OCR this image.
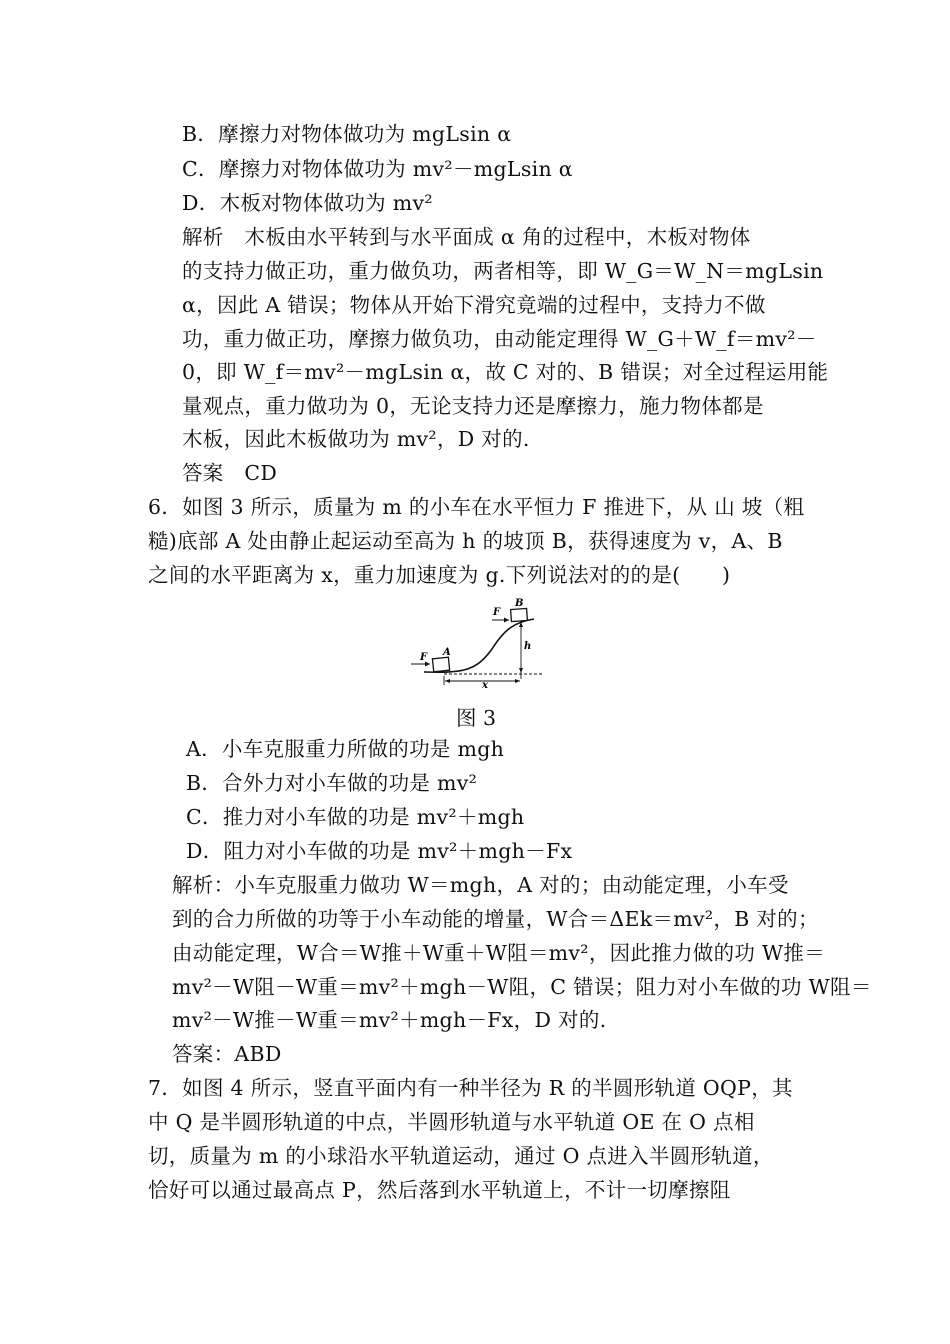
B．摩擦力对物体做功为 mgLsin α
C．摩擦力对物体做功为 mv²－mgLsin α
D．木板对物体做功为 mv²
解析　木板由水平转到与水平面成 α 角的过程中，木板对物体
的支持力做正功，重力做负功，两者相等，即 W_G＝W_N＝mgLsin
α，因此 A 错误；物体从开始下滑究竟端的过程中，支持力不做
功，重力做正功，摩擦力做负功，由动能定理得 W_G＋W_f＝mv²－
0，即 W_f＝mv²－mgLsin α，故 C 对的、B 错误；对全过程运用能
量观点，重力做功为 0，无论支持力还是摩擦力，施力物体都是
木板，因此木板做功为 mv²，D 对的.
答案　CD
6．如图 3 所示，质量为 m 的小车在水平恒力 F 推进下，从 山 坡（粗
糙)底部 A 处由静止起运动至高为 h 的坡顶 B，获得速度为 v，A、B
之间的水平距离为 x，重力加速度为 g.下列说法对的的是(　　)
F A
F
B
h
x
图 3
A．小车克服重力所做的功是 mgh
B．合外力对小车做的功是 mv²
C．推力对小车做的功是 mv²＋mgh
D．阻力对小车做的功是 mv²＋mgh－Fx
解析：小车克服重力做功 W＝mgh，A 对的；由动能定理，小车受
到的合力所做的功等于小车动能的增量，W合＝ΔEk＝mv²，B 对的；
由动能定理，W合＝W推＋W重＋W阻＝mv²，因此推力做的功 W推＝
mv²－W阻－W重＝mv²＋mgh－W阻，C 错误；阻力对小车做的功 W阻＝
mv²－W推－W重＝mv²＋mgh－Fx，D 对的.
答案：ABD
7．如图 4 所示，竖直平面内有一种半径为 R 的半圆形轨道 OQP，其
中 Q 是半圆形轨道的中点，半圆形轨道与水平轨道 OE 在 O 点相
切，质量为 m 的小球沿水平轨道运动，通过 O 点进入半圆形轨道，
恰好可以通过最高点 P，然后落到水平轨道上，不计一切摩擦阻
